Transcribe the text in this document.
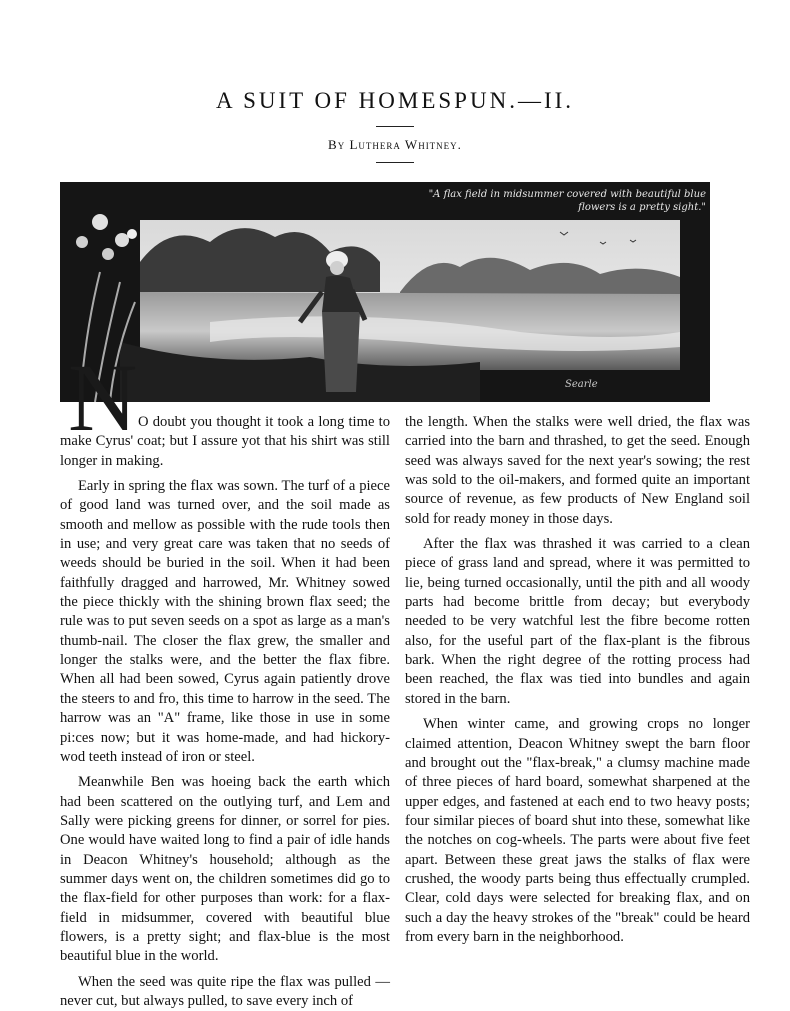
A SUIT OF HOMESPUN.—II.
By Luthera Whitney.
Searle
"A flax field in midsummer covered with beautiful blue flowers is a pretty sight."
N O doubt you thought it took a long time to make Cyrus' coat; but I assure yot that his shirt was still longer in making.

Early in spring the flax was sown. The turf of a piece of good land was turned over, and the soil made as smooth and mellow as possible with the rude tools then in use; and very great care was taken that no seeds of weeds should be buried in the soil. When it had been faithfully dragged and harrowed, Mr. Whitney sowed the piece thickly with the shining brown flax seed; the rule was to put seven seeds on a spot as large as a man's thumb-nail. The closer the flax grew, the smaller and longer the stalks were, and the better the flax fibre. When all had been sowed, Cyrus again patiently drove the steers to and fro, this time to harrow in the seed. The harrow was an "A" frame, like those in use in some pi:ces now; but it was home-made, and had hickory-wod teeth instead of iron or steel.

Meanwhile Ben was hoeing back the earth which had been scattered on the outlying turf, and Lem and Sally were picking greens for dinner, or sorrel for pies. One would have waited long to find a pair of idle hands in Deacon Whitney's household; although as the summer days went on, the children sometimes did go to the flax-field for other purposes than work: for a flax-field in midsummer, covered with beautiful blue flowers, is a pretty sight; and flax-blue is the most beautiful blue in the world.

When the seed was quite ripe the flax was pulled — never cut, but always pulled, to save every inch of

the length. When the stalks were well dried, the flax was carried into the barn and thrashed, to get the seed. Enough seed was always saved for the next year's sowing; the rest was sold to the oil-makers, and formed quite an important source of revenue, as few products of New England soil sold for ready money in those days.

After the flax was thrashed it was carried to a clean piece of grass land and spread, where it was permitted to lie, being turned occasionally, until the pith and all woody parts had become brittle from decay; but everybody needed to be very watchful lest the fibre become rotten also, for the useful part of the flax-plant is the fibrous bark. When the right degree of the rotting process had been reached, the flax was tied into bundles and again stored in the barn.

When winter came, and growing crops no longer claimed attention, Deacon Whitney swept the barn floor and brought out the "flax-break," a clumsy machine made of three pieces of hard board, somewhat sharpened at the upper edges, and fastened at each end to two heavy posts; four similar pieces of board shut into these, somewhat like the notches on cog-wheels. The parts were about five feet apart. Between these great jaws the stalks of flax were crushed, the woody parts being thus effectually crumpled. Clear, cold days were selected for breaking flax, and on such a day the heavy strokes of the "break" could be heard from every barn in the neighborhood.
